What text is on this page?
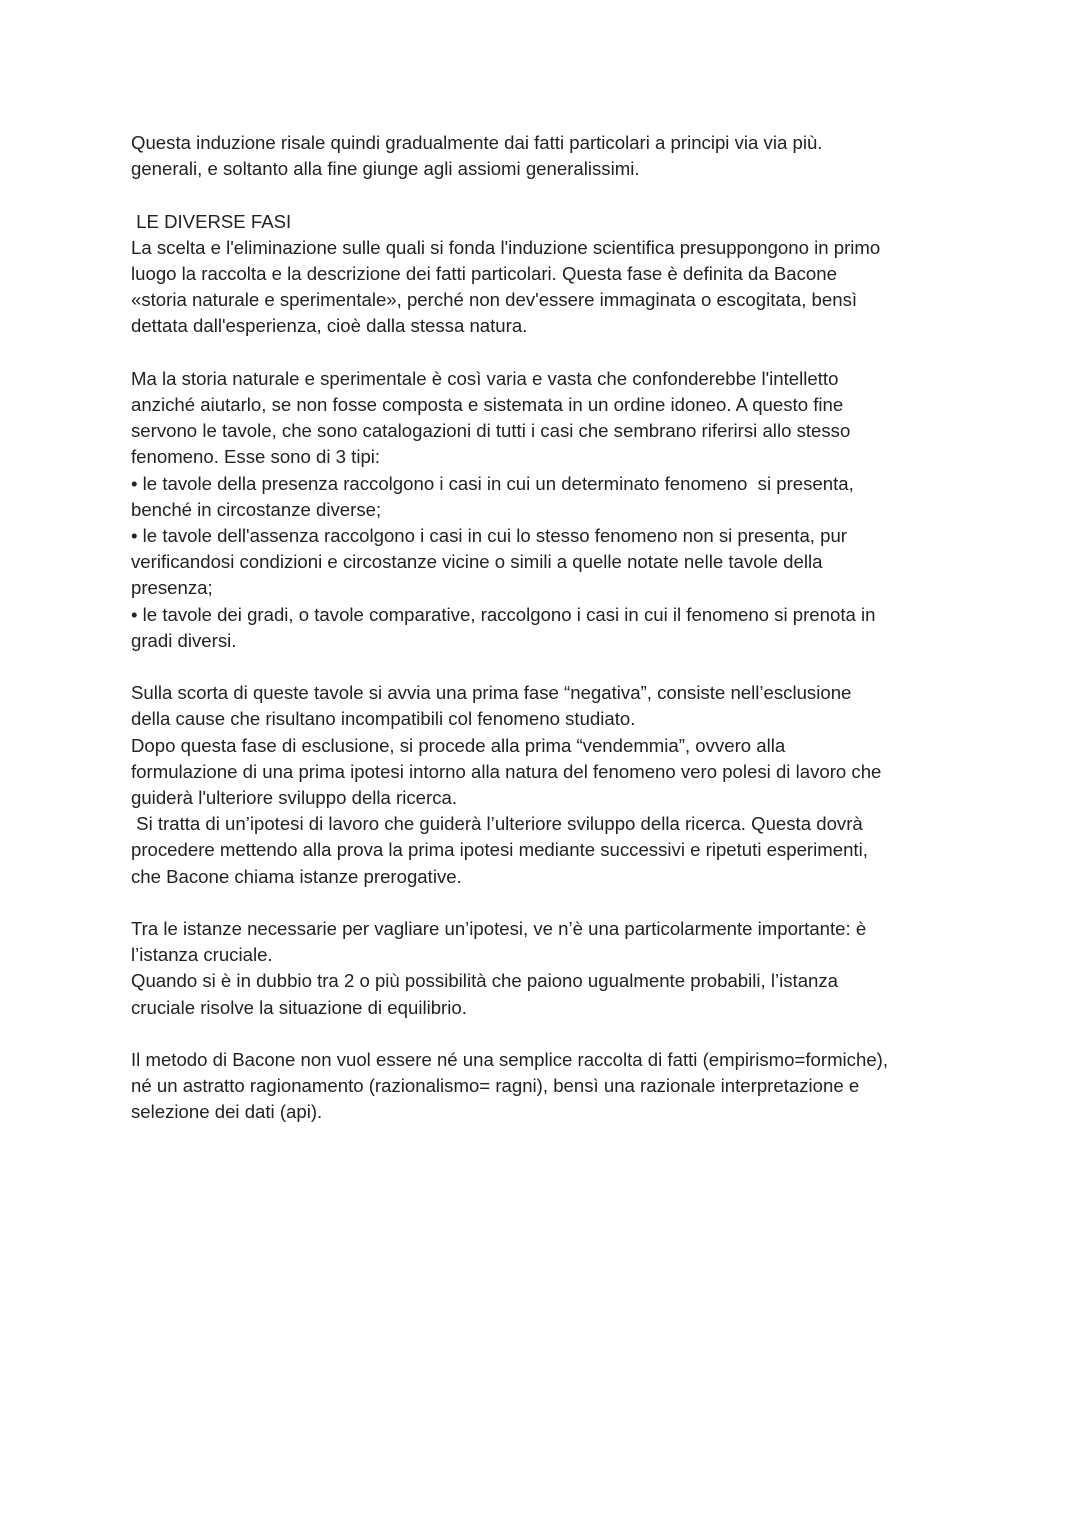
Questa induzione risale quindi gradualmente dai fatti particolari a principi via via più.
generali, e soltanto alla fine giunge agli assiomi generalissimi.
LE DIVERSE FASI
La scelta e l'eliminazione sulle quali si fonda l'induzione scientifica presuppongono in primo
luogo la raccolta e la descrizione dei fatti particolari. Questa fase è definita da Bacone
«storia naturale e sperimentale», perché non dev'essere immaginata o escogitata, bensì
dettata dall'esperienza, cioè dalla stessa natura.
Ma la storia naturale e sperimentale è così varia e vasta che confonderebbe l'intelletto
anziché aiutarlo, se non fosse composta e sistemata in un ordine idoneo. A questo fine
servono le tavole, che sono catalogazioni di tutti i casi che sembrano riferirsi allo stesso
fenomeno. Esse sono di 3 tipi:
• le tavole della presenza raccolgono i casi in cui un determinato fenomeno  si presenta,
benché in circostanze diverse;
• le tavole dell'assenza raccolgono i casi in cui lo stesso fenomeno non si presenta, pur
verificandosi condizioni e circostanze vicine o simili a quelle notate nelle tavole della
presenza;
• le tavole dei gradi, o tavole comparative, raccolgono i casi in cui il fenomeno si prenota in
gradi diversi.
Sulla scorta di queste tavole si avvia una prima fase “negativa”, consiste nell’esclusione
della cause che risultano incompatibili col fenomeno studiato.
Dopo questa fase di esclusione, si procede alla prima “vendemmia”, ovvero alla
formulazione di una prima ipotesi intorno alla natura del fenomeno vero polesi di lavoro che
guiderà l'ulteriore sviluppo della ricerca.
Si tratta di un’ipotesi di lavoro che guiderà l’ulteriore sviluppo della ricerca. Questa dovrà
procedere mettendo alla prova la prima ipotesi mediante successivi e ripetuti esperimenti,
che Bacone chiama istanze prerogative.
Tra le istanze necessarie per vagliare un’ipotesi, ve n’è una particolarmente importante: è
l’istanza cruciale.
Quando si è in dubbio tra 2 o più possibilità che paiono ugualmente probabili, l’istanza
cruciale risolve la situazione di equilibrio.
Il metodo di Bacone non vuol essere né una semplice raccolta di fatti (empirismo=formiche),
né un astratto ragionamento (razionalismo= ragni), bensì una razionale interpretazione e
selezione dei dati (api).
